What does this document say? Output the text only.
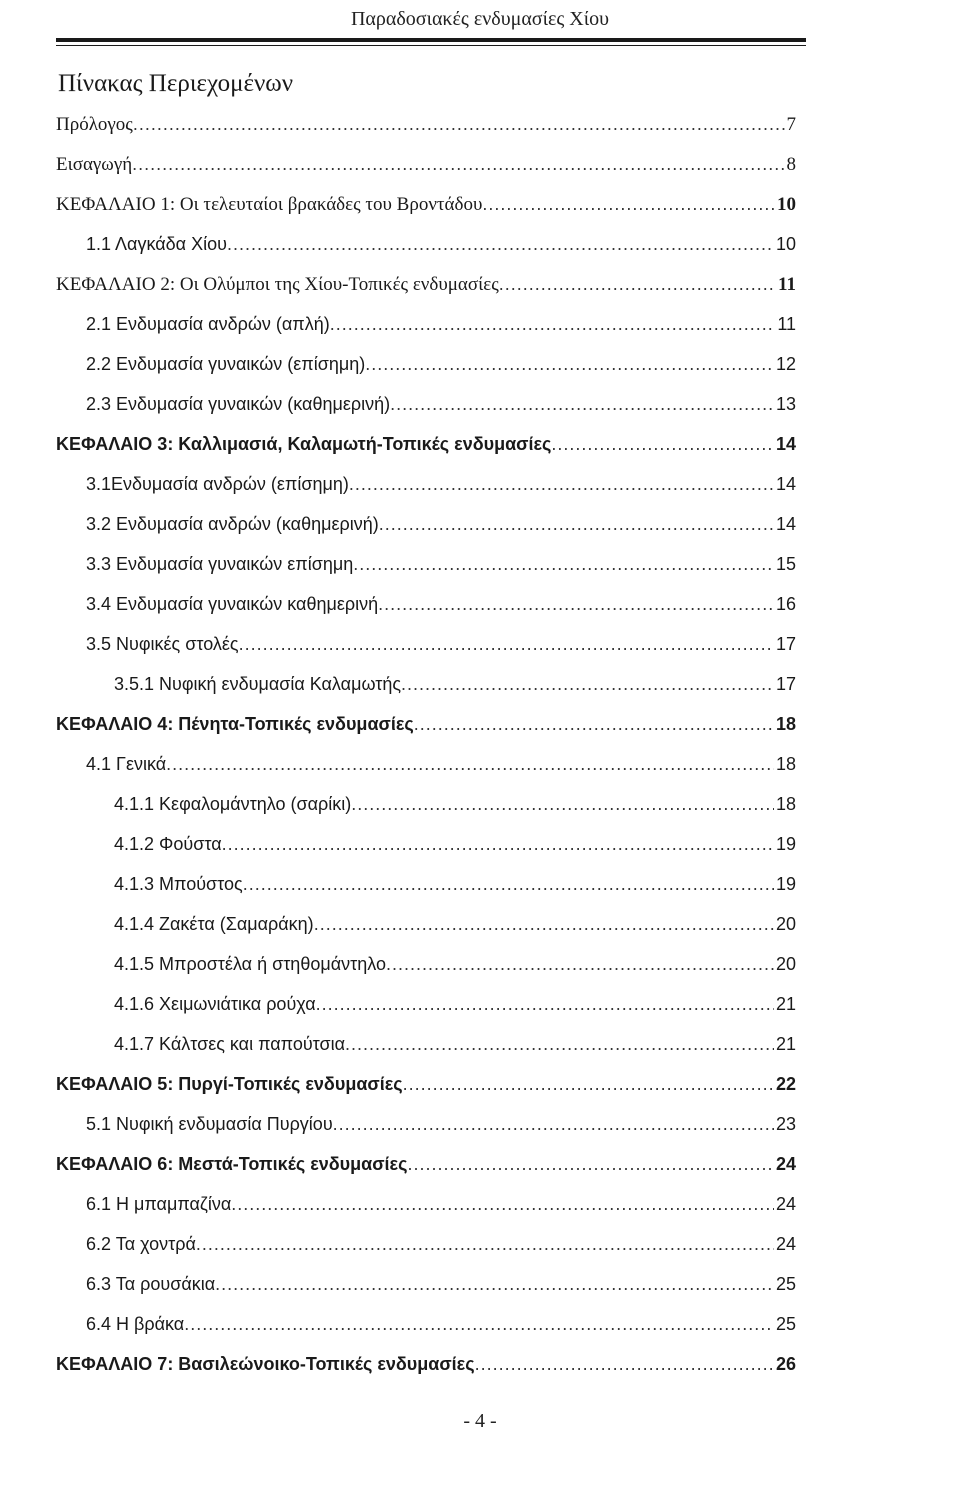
Παραδοσιακές ενδυμασίες Χίου
Πίνακας Περιεχομένων
Πρόλογος .....	7
Εισαγωγή .....	8
ΚΕΦΑΛΑΙΟ 1: Οι τελευταίοι βρακάδες του Βροντάδου .....	10
1.1 Λαγκάδα Χίου .....	10
ΚΕΦΑΛΑΙΟ 2: Οι Ολύμποι της Χίου-Τοπικές ενδυμασίες .....	11
2.1 Ενδυμασία ανδρών (απλή) .....	11
2.2 Ενδυμασία γυναικών (επίσημη) .....	12
2.3 Ενδυμασία γυναικών (καθημερινή) .....	13
ΚΕΦΑΛΑΙΟ 3: Καλλιμασιά, Καλαμωτή-Τοπικές ενδυμασίες .....	14
3.1Ενδυμασία ανδρών (επίσημη) .....	14
3.2 Ενδυμασία ανδρών (καθημερινή) .....	14
3.3 Ενδυμασία γυναικών επίσημη .....	15
3.4 Ενδυμασία γυναικών καθημερινή .....	16
3.5 Νυφικές στολές .....	17
3.5.1 Νυφική ενδυμασία Καλαμωτής .....	17
ΚΕΦΑΛΑΙΟ 4: Πένητα-Τοπικές ενδυμασίες .....	18
4.1 Γενικά .....	18
4.1.1 Κεφαλομάντηλο (σαρίκι) .....	18
4.1.2 Φούστα .....	19
4.1.3 Μπούστος .....	19
4.1.4 Ζακέτα (Σαμαράκη) .....	20
4.1.5 Μπροστέλα ή στηθομάντηλο .....	20
4.1.6 Χειμωνιάτικα ρούχα .....	21
4.1.7 Κάλτσες και παπούτσια .....	21
ΚΕΦΑΛΑΙΟ 5: Πυργί-Τοπικές ενδυμασίες .....	22
5.1 Νυφική ενδυμασία Πυργίου .....	23
ΚΕΦΑΛΑΙΟ 6: Μεστά-Τοπικές ενδυμασίες .....	24
6.1 Η μπαμπαζίνα .....	24
6.2 Τα χοντρά .....	24
6.3 Τα ρουσάκια .....	25
6.4 Η βράκα .....	25
ΚΕΦΑΛΑΙΟ 7: Βασιλεώνοικο-Τοπικές ενδυμασίες .....	26
- 4 -
